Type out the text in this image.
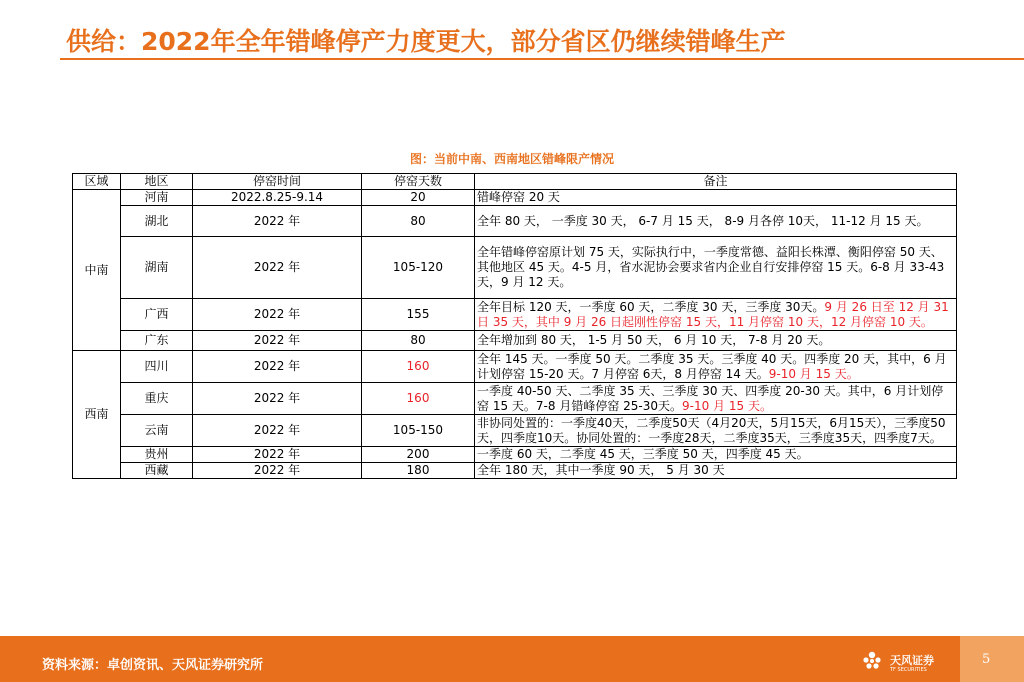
供给：2022年全年错峰停产力度更大，部分省区仍继续错峰生产
图：当前中南、西南地区错峰限产情况
区域	地区	停窑时间	停窑天数	备注
中南	河南	2022.8.25-9.14	20	错峰停窑 20 天
	湖北	2022 年	80	全年 80 天， 一季度 30 天， 6-7 月 15 天， 8-9 月各停 10天， 11-12 月 15 天。
	湖南	2022 年	105-120	全年错峰停窑原计划 75 天，实际执行中，一季度常德、益阳长株潭、衡阳停窑 50 天、其他地区 45 天。4-5 月，省水泥协会要求省内企业自行安排停窑 15 天。6-8 月 33-43 天，9 月 12 天。
	广西	2022 年	155	全年目标 120 天，一季度 60 天，二季度 30 天，三季度 30天。9 月 26 日至 12 月 31 日 35 天，其中 9 月 26 日起刚性停窑 15 天，11 月停窑 10 天，12 月停窑 10 天。
	广东	2022 年	80	全年增加到 80 天， 1-5 月 50 天， 6 月 10 天， 7-8 月 20 天。
西南	四川	2022 年	160	全年 145 天。一季度 50 天。二季度 35 天。三季度 40 天。四季度 20 天，其中，6 月计划停窑 15-20 天。7 月停窑 6天，8 月停窑 14 天。9-10 月 15 天。
	重庆	2022 年	160	一季度 40-50 天、二季度 35 天、三季度 30 天、四季度 20-30 天。其中，6 月计划停窑 15 天。7-8 月错峰停窑 25-30天。9-10 月 15 天。
	云南	2022 年	105-150	非协同处置的：一季度40天，二季度50天（4月20天，5月15天，6月15天），三季度50天，四季度10天。协同处置的：一季度28天，二季度35天，三季度35天，四季度7天。
	贵州	2022 年	200	一季度 60 天，二季度 45 天，三季度 50 天，四季度 45 天。
	西藏	2022 年	180	全年 180 天，其中一季度 90 天， 5 月 30 天
资料来源：卓创资讯、天风证券研究所	天风证券
TF SECURITIES
5
